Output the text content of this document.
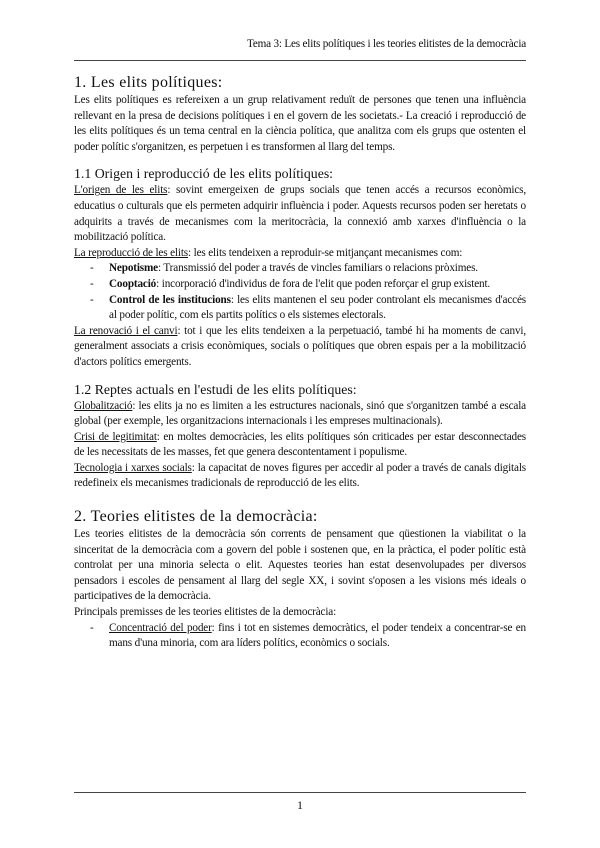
Tema 3: Les elits polítiques i les teories elitistes de la democràcia
1. Les elits polítiques:

Les elits polítiques es refereixen a un grup relativament reduït de persones que tenen una influència rellevant en la presa de decisions polítiques i en el govern de les societats.- La creació i reproducció de les elits polítiques és un tema central en la ciència política, que analitza com els grups que ostenten el poder polític s'organitzen, es perpetuen i es transformen al llarg del temps.

1.1 Origen i reproducció de les elits polítiques:

L'origen de les elits: sovint emergeixen de grups socials que tenen accés a recursos econòmics, educatius o culturals que els permeten adquirir influència i poder. Aquests recursos poden ser heretats o adquirits a través de mecanismes com la meritocràcia, la connexió amb xarxes d'influència o la mobilització política.

La reproducció de les elits: les elits tendeixen a reproduir-se mitjançant mecanismes com:

- Nepotisme: Transmissió del poder a través de vincles familiars o relacions pròximes.
- Cooptació: incorporació d'individus de fora de l'elit que poden reforçar el grup existent.
- Control de les institucions: les elits mantenen el seu poder controlant els mecanismes d'accés al poder polític, com els partits polítics o els sistemes electorals.

La renovació i el canvi: tot i que les elits tendeixen a la perpetuació, també hi ha moments de canvi, generalment associats a crisis econòmiques, socials o polítiques que obren espais per a la mobilització d'actors polítics emergents.

1.2 Reptes actuals en l'estudi de les elits polítiques:

Globalització: les elits ja no es limiten a les estructures nacionals, sinó que s'organitzen també a escala global (per exemple, les organitzacions internacionals i les empreses multinacionals).

Crisi de legitimitat: en moltes democràcies, les elits polítiques són criticades per estar desconnectades de les necessitats de les masses, fet que genera descontentament i populisme.

Tecnologia i xarxes socials: la capacitat de noves figures per accedir al poder a través de canals digitals redefineix els mecanismes tradicionals de reproducció de les elits.

2. Teories elitistes de la democràcia:

Les teories elitistes de la democràcia són corrents de pensament que qüestionen la viabilitat o la sinceritat de la democràcia com a govern del poble i sostenen que, en la pràctica, el poder polític està controlat per una minoria selecta o elit. Aquestes teories han estat desenvolupades per diversos pensadors i escoles de pensament al llarg del segle XX, i sovint s'oposen a les visions més ideals o participatives de la democràcia.

Principals premisses de les teories elitistes de la democràcia:

- Concentració del poder: fins i tot en sistemes democràtics, el poder tendeix a concentrar-se en mans d'una minoria, com ara líders polítics, econòmics o socials.
1
